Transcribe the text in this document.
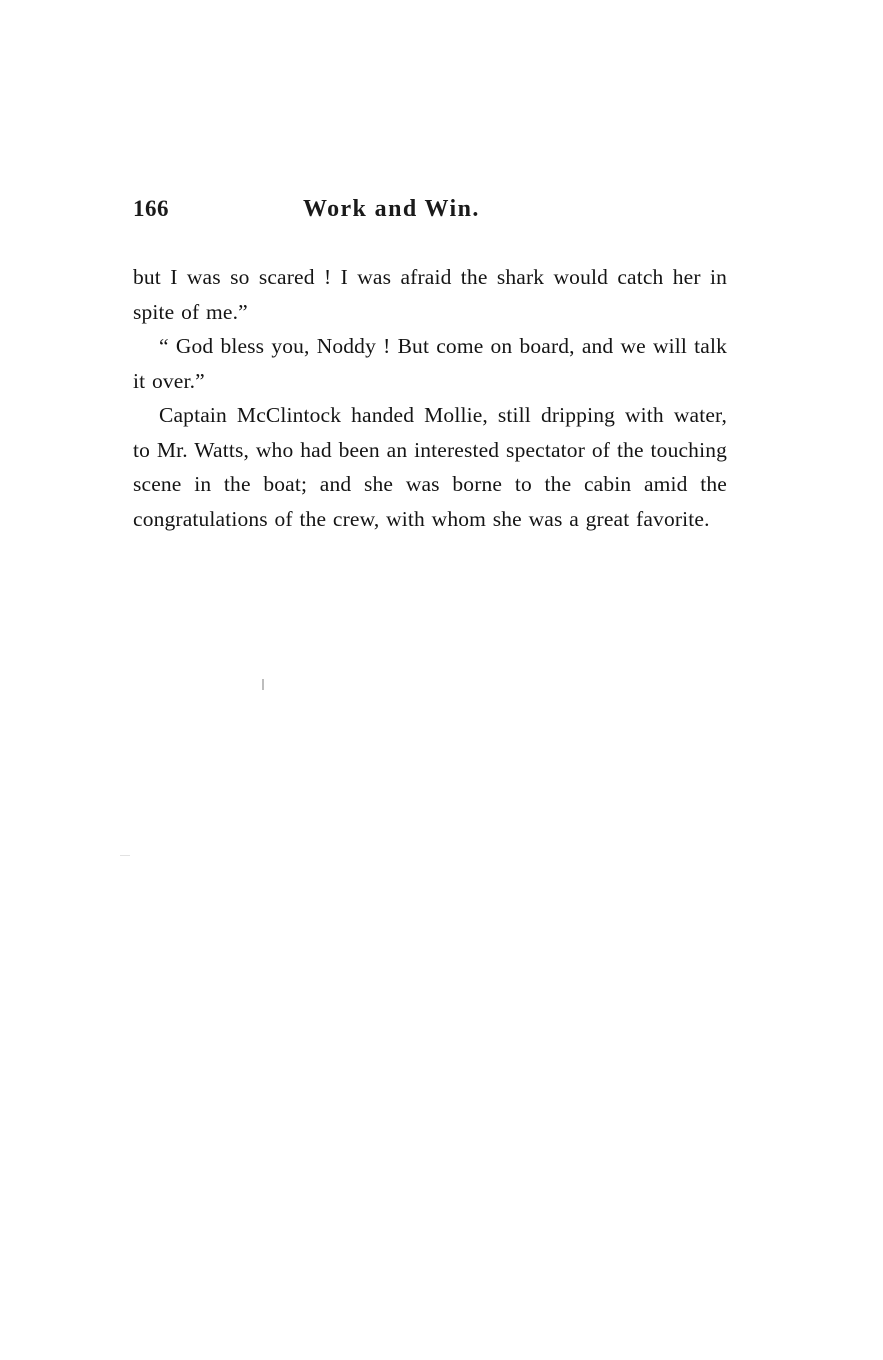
166	Work and Win.

but I was so scared ! I was afraid the shark would catch her in spite of me.”

“ God bless you, Noddy ! But come on board, and we will talk it over.”

Captain McClintock handed Mollie, still dripping with water, to Mr. Watts, who had been an interested spectator of the touching scene in the boat; and she was borne to the cabin amid the congratulations of the crew, with whom she was a great favorite.
